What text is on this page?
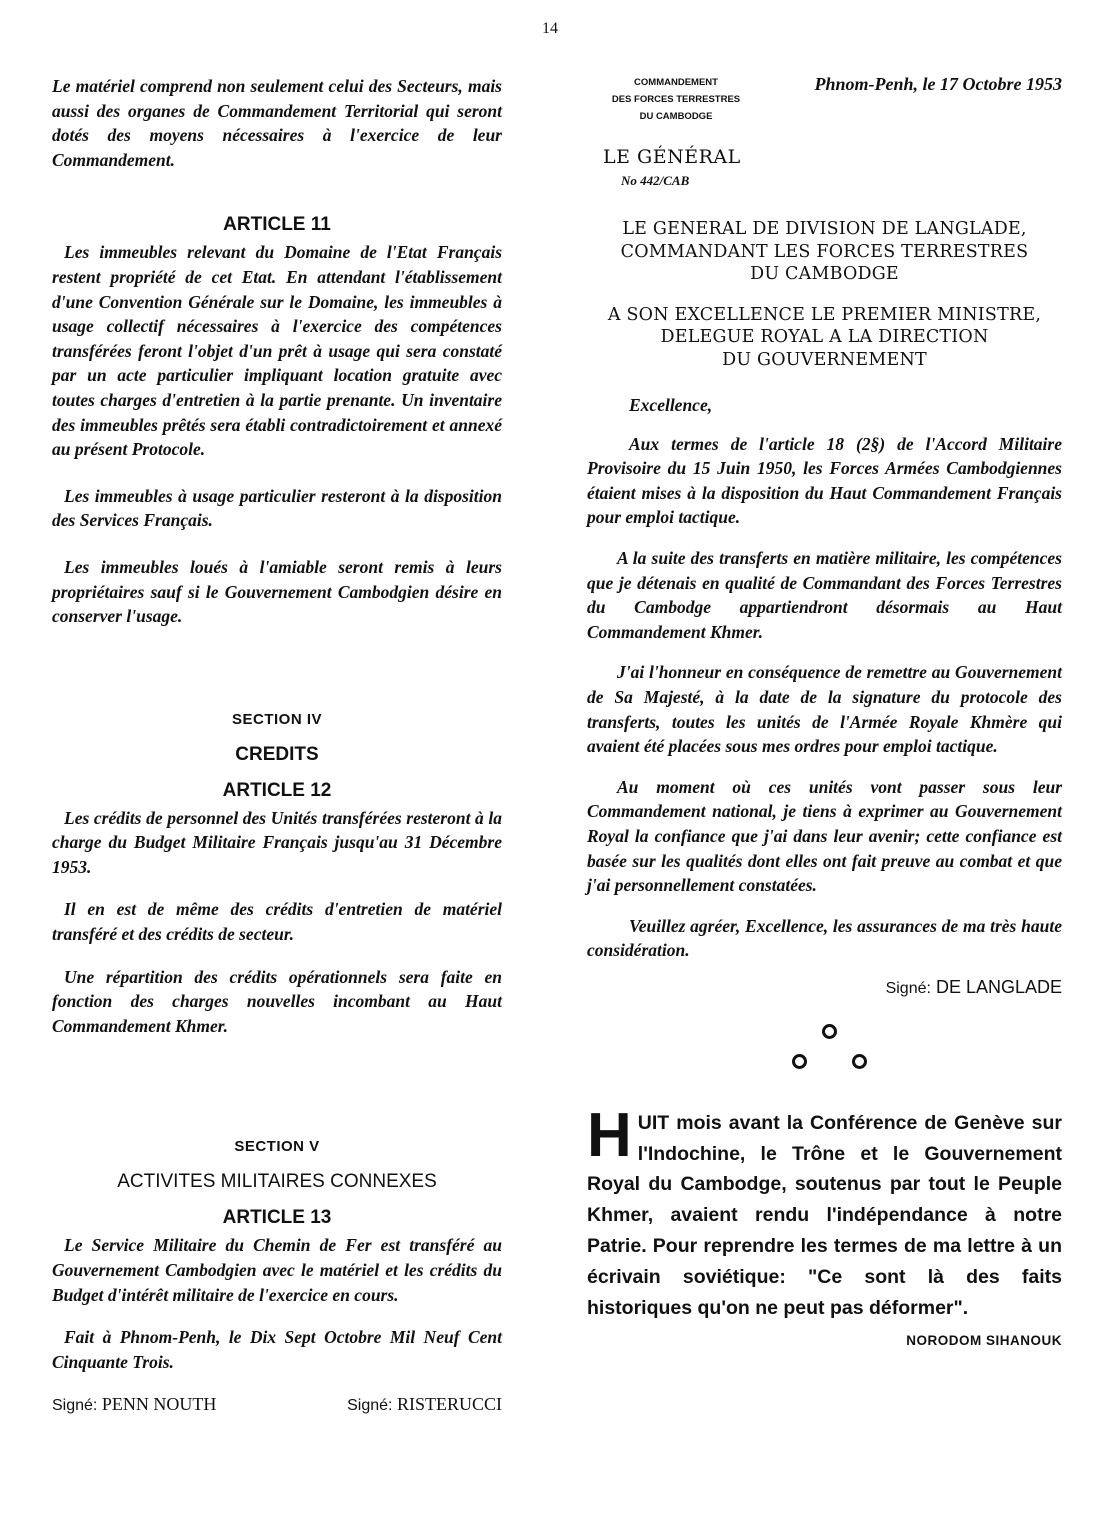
14

Le matériel comprend non seulement celui des Secteurs, mais aussi des organes de Commandement Territorial qui seront dotés des moyens nécessaires à l'exercice de leur Commandement.

ARTICLE 11

Les immeubles relevant du Domaine de l'Etat Français restent propriété de cet Etat. En attendant l'établissement d'une Convention Générale sur le Domaine, les immeubles à usage collectif nécessaires à l'exercice des compétences transférées feront l'objet d'un prêt à usage qui sera constaté par un acte particulier impliquant location gratuite avec toutes charges d'entretien à la partie prenante. Un inventaire des immeubles prêtés sera établi contradictoirement et annexé au présent Protocole.

Les immeubles à usage particulier resteront à la disposition des Services Français.

Les immeubles loués à l'amiable seront remis à leurs propriétaires sauf si le Gouvernement Cambodgien désire en conserver l'usage.

SECTION IV
CREDITS
ARTICLE 12

Les crédits de personnel des Unités transférées resteront à la charge du Budget Militaire Français jusqu'au 31 Décembre 1953.

Il en est de même des crédits d'entretien de matériel transféré et des crédits de secteur.

Une répartition des crédits opérationnels sera faite en fonction des charges nouvelles incombant au Haut Commandement Khmer.

SECTION V
ACTIVITES MILITAIRES CONNEXES
ARTICLE 13

Le Service Militaire du Chemin de Fer est transféré au Gouvernement Cambodgien avec le matériel et les crédits du Budget d'intérêt militaire de l'exercice en cours.

Fait à Phnom-Penh, le Dix Sept Octobre Mil Neuf Cent Cinquante Trois.

Signé: PENN NOUTH	Signé: RISTERUCCI
COMMANDEMENT
DES FORCES TERRESTRES
DU CAMBODGE
Phnom-Penh, le 17 Octobre 1953
LE GÉNÉRAL
No 442/CAB
LE GENERAL DE DIVISION DE LANGLADE,
COMMANDANT LES FORCES TERRESTRES
DU CAMBODGE
A SON EXCELLENCE LE PREMIER MINISTRE,
DELEGUE ROYAL A LA DIRECTION
DU GOUVERNEMENT

Excellence,

Aux termes de l'article 18 (2§) de l'Accord Militaire Provisoire du 15 Juin 1950, les Forces Armées Cambodgiennes étaient mises à la disposition du Haut Commandement Français pour emploi tactique.

A la suite des transferts en matière militaire, les compétences que je détenais en qualité de Commandant des Forces Terrestres du Cambodge appartiendront désormais au Haut Commandement Khmer.

J'ai l'honneur en conséquence de remettre au Gouvernement de Sa Majesté, à la date de la signature du protocole des transferts, toutes les unités de l'Armée Royale Khmère qui avaient été placées sous mes ordres pour emploi tactique.

Au moment où ces unités vont passer sous leur Commandement national, je tiens à exprimer au Gouvernement Royal la confiance que j'ai dans leur avenir; cette confiance est basée sur les qualités dont elles ont fait preuve au combat et que j'ai personnellement constatées.

Veuillez agréer, Excellence, les assurances de ma très haute considération.

Signé: DE LANGLADE

HUIT mois avant la Conférence de Genève sur l'Indochine, le Trône et le Gouvernement Royal du Cambodge, soutenus par tout le Peuple Khmer, avaient rendu l'indépendance à notre Patrie. Pour reprendre les termes de ma lettre à un écrivain soviétique: "Ce sont là des faits historiques qu'on ne peut pas déformer".

NORODOM SIHANOUK
